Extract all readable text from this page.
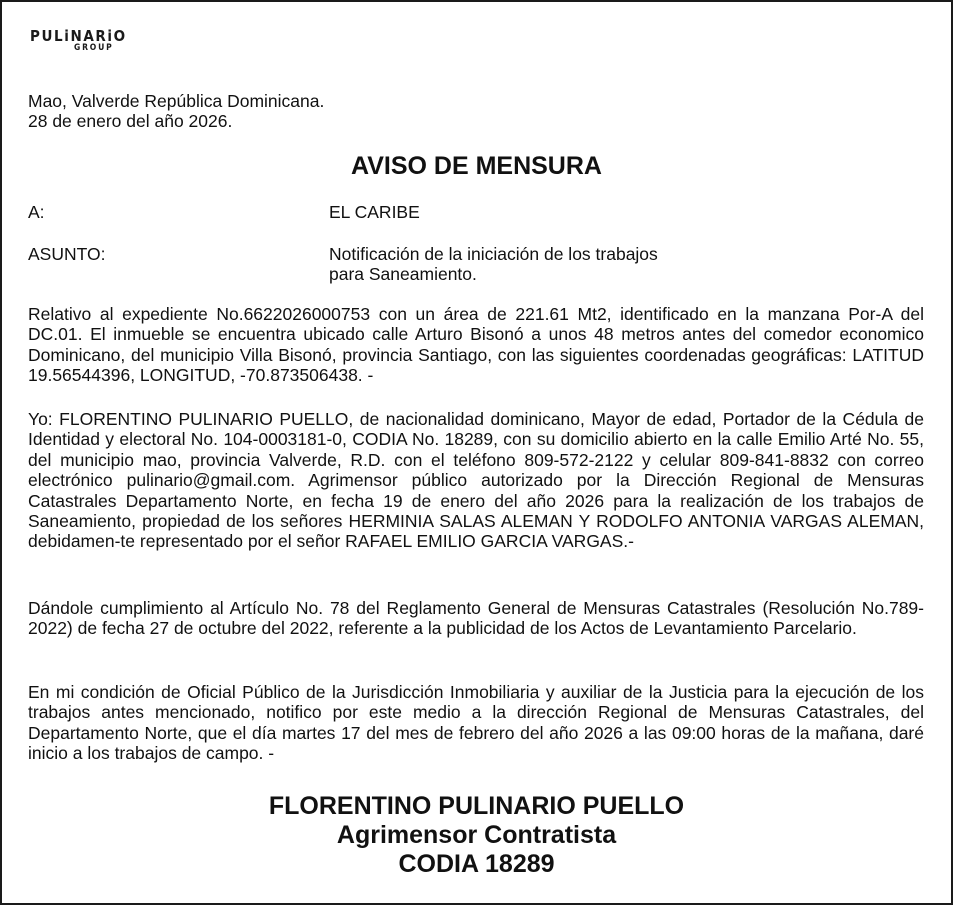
PULiNARiO
GROUP
Mao, Valverde República Dominicana.
28 de enero del año 2026.
AVISO DE MENSURA
A:	EL CARIBE
ASUNTO:	Notificación de la iniciación de los trabajos para Saneamiento.

Relativo al expediente No.6622026000753 con un área de 221.61 Mt2, identificado en la manzana Por-A del DC.01. El inmueble se encuentra ubicado calle Arturo Bisonó a unos 48 metros antes del comedor economico Dominicano, del municipio Villa Bisonó, provincia Santiago, con las siguientes coordenadas geográficas: LATITUD 19.56544396, LONGITUD, -70.873506438. -

Yo: FLORENTINO PULINARIO PUELLO, de nacionalidad dominicano, Mayor de edad, Portador de la Cédula de Identidad y electoral No. 104-0003181-0, CODIA No. 18289, con su domicilio abierto en la calle Emilio Arté No. 55, del municipio mao, provincia Valverde, R.D. con el teléfono 809-572-2122 y celular 809-841-8832 con correo electrónico pulinario@gmail.com. Agrimensor público autorizado por la Dirección Regional de Mensuras Catastrales Departamento Norte, en fecha 19 de enero del año 2026 para la realización de los trabajos de Saneamiento, propiedad de los señores HERMINIA SALAS ALEMAN Y RODOLFO ANTONIA VARGAS ALEMAN, debidamen-te representado por el señor RAFAEL EMILIO GARCIA VARGAS.-

Dándole cumplimiento al Artículo No. 78 del Reglamento General de Mensuras Catastrales (Resolución No.789-2022) de fecha 27 de octubre del 2022, referente a la publicidad de los Actos de Levantamiento Parcelario.

En mi condición de Oficial Público de la Jurisdicción Inmobiliaria y auxiliar de la Justicia para la ejecución de los trabajos antes mencionado, notifico por este medio a la dirección Regional de Mensuras Catastrales, del Departamento Norte, que el día martes 17 del mes de febrero del año 2026 a las 09:00 horas de la mañana, daré inicio a los trabajos de campo. -

FLORENTINO PULINARIO PUELLO
Agrimensor Contratista
CODIA 18289
